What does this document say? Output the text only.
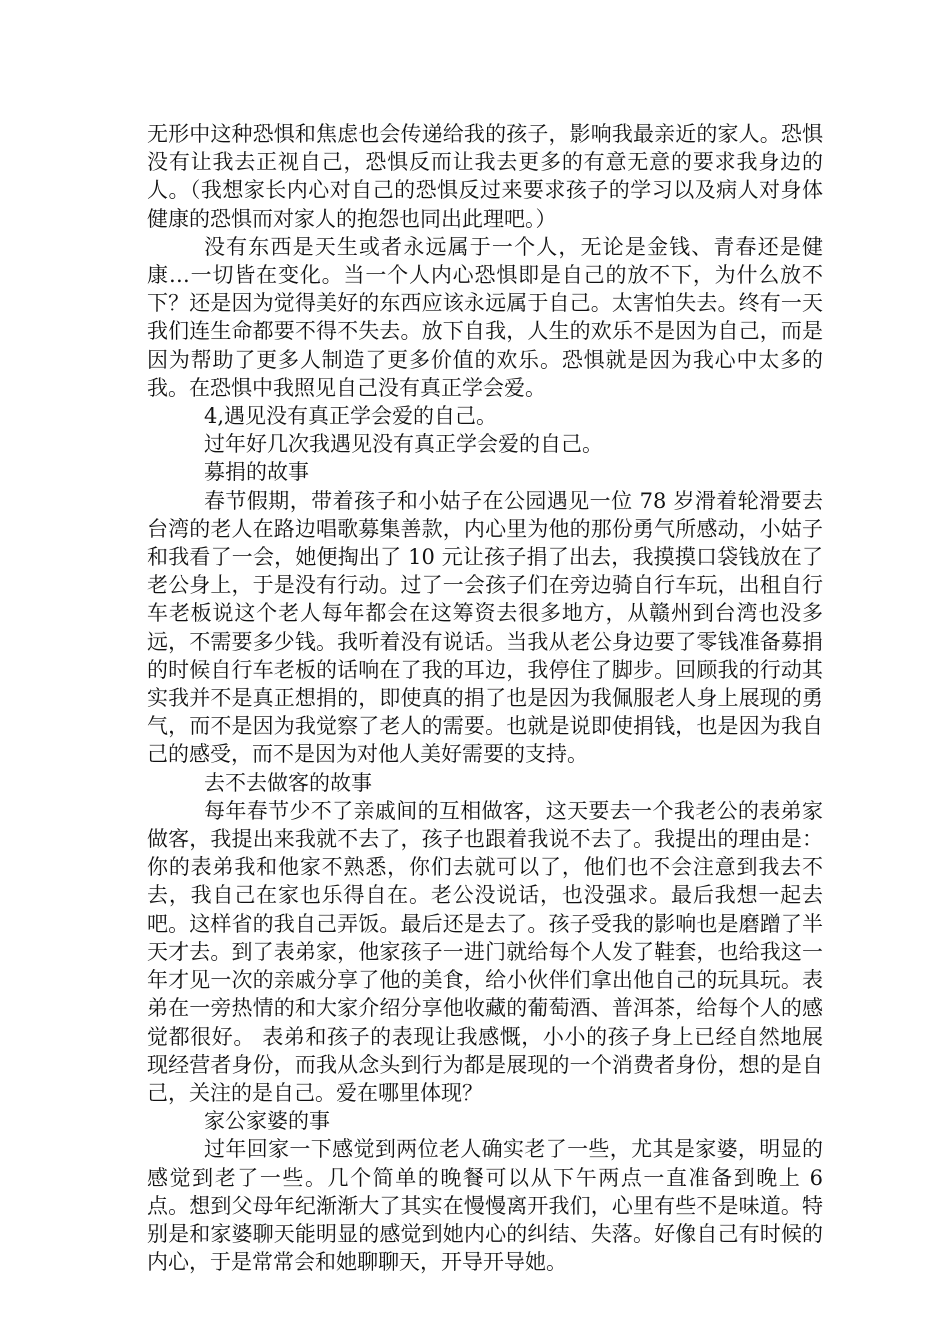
无形中这种恐惧和焦虑也会传递给我的孩子，影响我最亲近的家人。恐惧没有让我去正视自己，恐惧反而让我去更多的有意无意的要求我身边的人。（我想家长内心对自己的恐惧反过来要求孩子的学习以及病人对身体健康的恐惧而对家人的抱怨也同出此理吧。）

没有东西是天生或者永远属于一个人，无论是金钱、青春还是健康…一切皆在变化。当一个人内心恐惧即是自己的放不下，为什么放不下？还是因为觉得美好的东西应该永远属于自己。太害怕失去。终有一天我们连生命都要不得不失去。放下自我，人生的欢乐不是因为自己，而是因为帮助了更多人制造了更多价值的欢乐。恐惧就是因为我心中太多的我。在恐惧中我照见自己没有真正学会爱。

4,遇见没有真正学会爱的自己。

过年好几次我遇见没有真正学会爱的自己。

募捐的故事

春节假期，带着孩子和小姑子在公园遇见一位 78 岁滑着轮滑要去台湾的老人在路边唱歌募集善款，内心里为他的那份勇气所感动，小姑子和我看了一会，她便掏出了 10 元让孩子捐了出去，我摸摸口袋钱放在了老公身上，于是没有行动。过了一会孩子们在旁边骑自行车玩，出租自行车老板说这个老人每年都会在这筹资去很多地方，从赣州到台湾也没多远，不需要多少钱。我听着没有说话。当我从老公身边要了零钱准备募捐的时候自行车老板的话响在了我的耳边，我停住了脚步。回顾我的行动其实我并不是真正想捐的，即使真的捐了也是因为我佩服老人身上展现的勇气，而不是因为我觉察了老人的需要。也就是说即使捐钱，也是因为我自己的感受，而不是因为对他人美好需要的支持。

去不去做客的故事

每年春节少不了亲戚间的互相做客，这天要去一个我老公的表弟家做客，我提出来我就不去了，孩子也跟着我说不去了。我提出的理由是：你的表弟我和他家不熟悉，你们去就可以了，他们也不会注意到我去不去，我自己在家也乐得自在。老公没说话，也没强求。最后我想一起去吧。这样省的我自己弄饭。最后还是去了。孩子受我的影响也是磨蹭了半天才去。到了表弟家，他家孩子一进门就给每个人发了鞋套，也给我这一年才见一次的亲戚分享了他的美食，给小伙伴们拿出他自己的玩具玩。表弟在一旁热情的和大家介绍分享他收藏的葡萄酒、普洱茶，给每个人的感觉都很好。 表弟和孩子的表现让我感慨，小小的孩子身上已经自然地展现经营者身份，而我从念头到行为都是展现的一个消费者身份，想的是自己，关注的是自己。爱在哪里体现？

家公家婆的事

过年回家一下感觉到两位老人确实老了一些，尤其是家婆，明显的感觉到老了一些。几个简单的晚餐可以从下午两点一直准备到晚上 6 点。想到父母年纪渐渐大了其实在慢慢离开我们，心里有些不是味道。特别是和家婆聊天能明显的感觉到她内心的纠结、失落。好像自己有时候的内心，于是常常会和她聊聊天，开导开导她。
